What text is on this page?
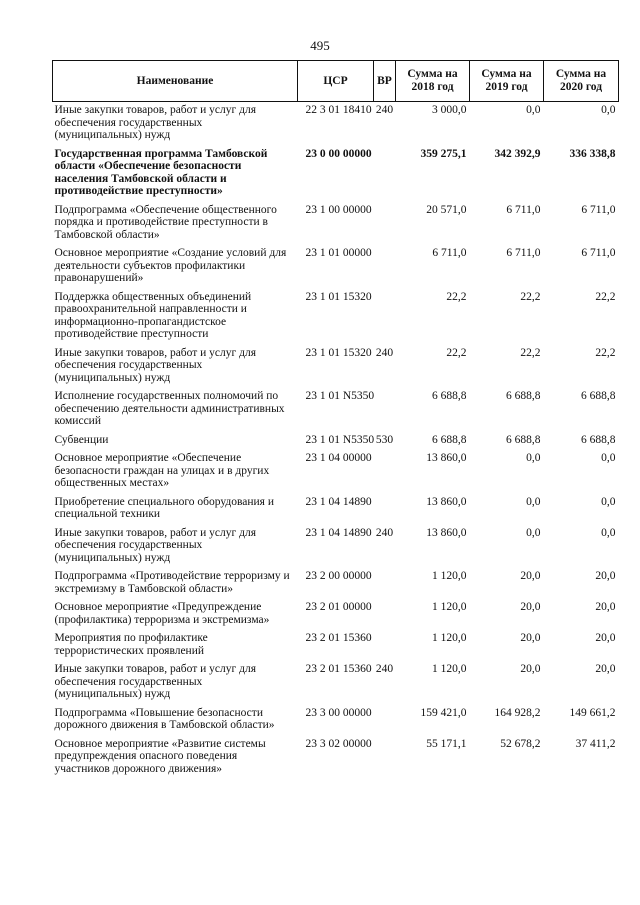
495
Наименование	ЦСР	ВР	Сумма на 2018 год	Сумма на 2019 год	Сумма на 2020 год
Иные закупки товаров, работ и услуг для обеспечения государственных (муниципальных) нужд	22 3 01 18410	240	3 000,0	0,0	0,0
Государственная программа Тамбовской области «Обеспечение безопасности населения Тамбовской области и противодействие преступности»	23 0 00 00000		359 275,1	342 392,9	336 338,8
Подпрограмма «Обеспечение общественного порядка и противодействие преступности в Тамбовской области»	23 1 00 00000		20 571,0	6 711,0	6 711,0
Основное мероприятие «Создание условий для деятельности субъектов профилактики правонарушений»	23 1 01 00000		6 711,0	6 711,0	6 711,0
Поддержка общественных объединений правоохранительной направленности и информационно-пропагандистское противодействие преступности	23 1 01 15320		22,2	22,2	22,2
Иные закупки товаров, работ и услуг для обеспечения государственных (муниципальных) нужд	23 1 01 15320	240	22,2	22,2	22,2
Исполнение государственных полномочий по обеспечению деятельности административных комиссий	23 1 01 N5350		6 688,8	6 688,8	6 688,8
Субвенции	23 1 01 N5350	530	6 688,8	6 688,8	6 688,8
Основное мероприятие «Обеспечение безопасности граждан на улицах и в других общественных местах»	23 1 04 00000		13 860,0	0,0	0,0
Приобретение специального оборудования и специальной техники	23 1 04 14890		13 860,0	0,0	0,0
Иные закупки товаров, работ и услуг для обеспечения государственных (муниципальных) нужд	23 1 04 14890	240	13 860,0	0,0	0,0
Подпрограмма «Противодействие терроризму и экстремизму в Тамбовской области»	23 2 00 00000		1 120,0	20,0	20,0
Основное мероприятие «Предупреждение (профилактика) терроризма и экстремизма»	23 2 01 00000		1 120,0	20,0	20,0
Мероприятия по профилактике террористических проявлений	23 2 01 15360		1 120,0	20,0	20,0
Иные закупки товаров, работ и услуг для обеспечения государственных (муниципальных) нужд	23 2 01 15360	240	1 120,0	20,0	20,0
Подпрограмма «Повышение безопасности дорожного движения в Тамбовской области»	23 3 00 00000		159 421,0	164 928,2	149 661,2
Основное мероприятие «Развитие системы предупреждения опасного поведения участников дорожного движения»	23 3 02 00000		55 171,1	52 678,2	37 411,2
